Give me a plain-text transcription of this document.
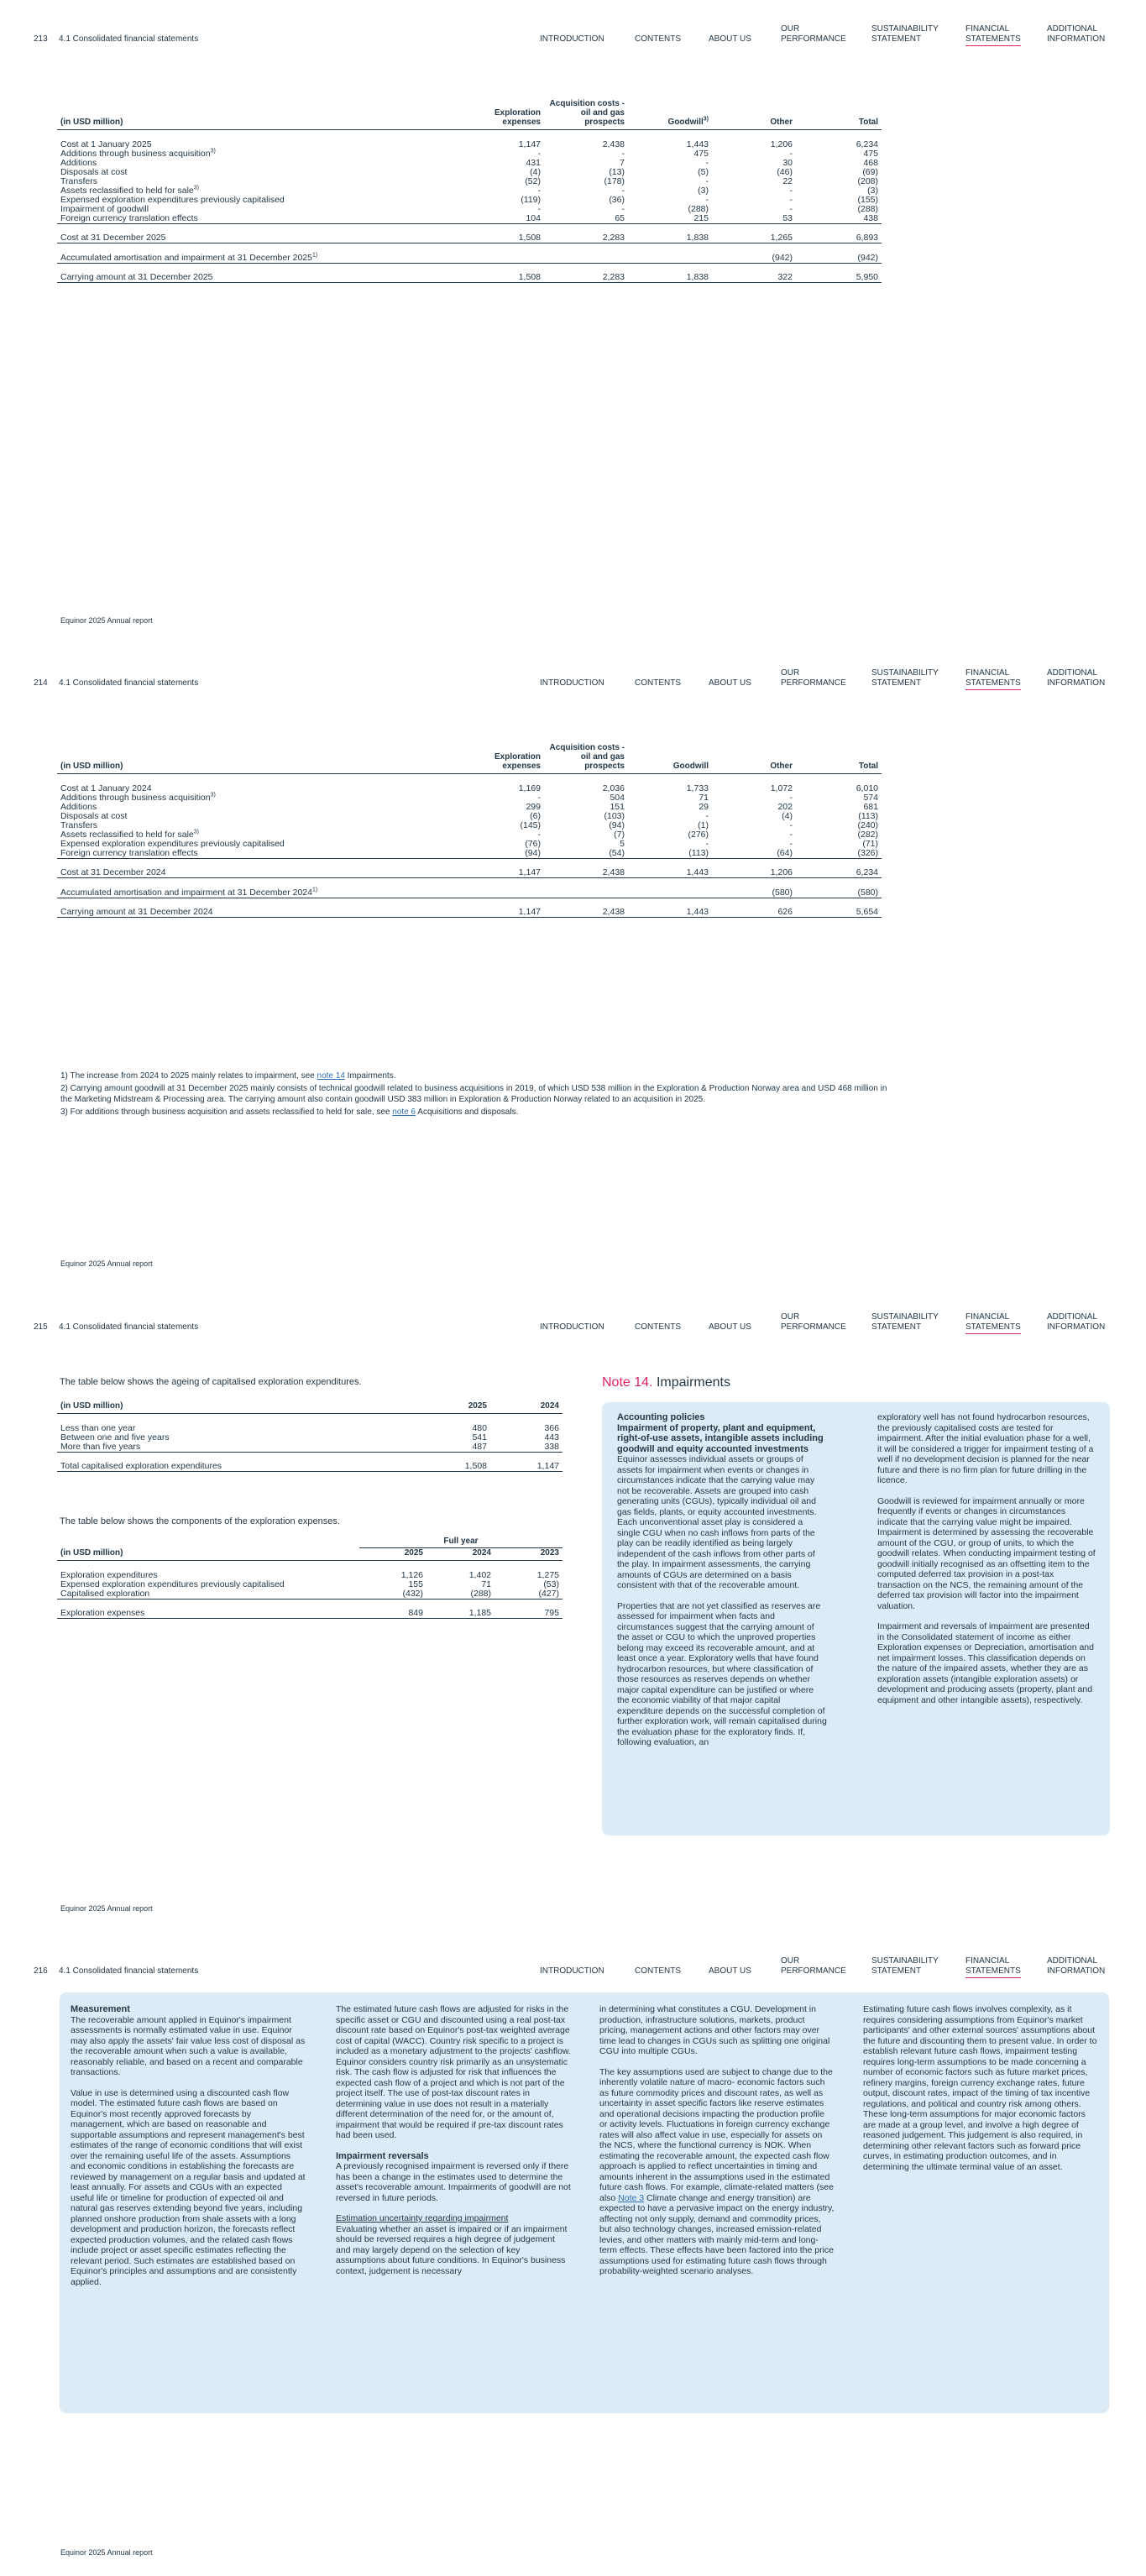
213 4.1 Consolidated financial statements	INTRODUCTION	CONTENTS	ABOUT US
OUR
PERFORMANCE
SUSTAINABILITY
STATEMENT
FINANCIAL
STATEMENTS
ADDITIONAL
INFORMATION
(in USD million)	Exploration expenses	Acquisition costs - oil and gas prospects	Goodwill$^{3)}$	Other	Total

Cost at 1 January 2025	1,147	2,438	1,443	1,206	6,234
Additions through business acquisition$^{3)}$	-	-	475	-	475
Additions	431	7	-	30	468
Disposals at cost	(4)	(13)	(5)	(46)	(69)
Transfers	(52)	(178)	-	22	(208)
Assets reclassified to held for sale$^{3)}$	-	-	(3)	-	(3)
Expensed exploration expenditures previously capitalised	(119)	(36)	-	-	(155)
Impairment of goodwill	-	-	(288)	-	(288)
Foreign currency translation effects	104	65	215	53	438

Cost at 31 December 2025	1,508	2,283	1,838	1,265	6,893

Accumulated amortisation and impairment at 31 December 2025$^{1)}$				(942)	(942)

Carrying amount at 31 December 2025	1,508	2,283	1,838	322	5,950
Equinor 2025 Annual report
214 4.1 Consolidated financial statements	INTRODUCTION	CONTENTS	ABOUT US
OUR
PERFORMANCE
SUSTAINABILITY
STATEMENT
FINANCIAL
STATEMENTS
ADDITIONAL
INFORMATION
(in USD million)	Exploration expenses	Acquisition costs - oil and gas prospects	Goodwill	Other	Total

Cost at 1 January 2024	1,169	2,036	1,733	1,072	6,010
Additions through business acquisition$^{3)}$	-	504	71	-	574
Additions	299	151	29	202	681
Disposals at cost	(6)	(103)	-	(4)	(113)
Transfers	(145)	(94)	(1)	-	(240)
Assets reclassified to held for sale$^{3)}$	-	(7)	(276)	-	(282)
Expensed exploration expenditures previously capitalised	(76)	5	-	-	(71)
Foreign currency translation effects	(94)	(54)	(113)	(64)	(326)

Cost at 31 December 2024	1,147	2,438	1,443	1,206	6,234

Accumulated amortisation and impairment at 31 December 2024$^{1)}$				(580)	(580)

Carrying amount at 31 December 2024	1,147	2,438	1,443	626	5,654

1) The increase from 2024 to 2025 mainly relates to impairment, see note 14 Impairments.

2) Carrying amount goodwill at 31 December 2025 mainly consists of technical goodwill related to business acquisitions in 2019, of which USD 538 million in the Exploration & Production Norway area and USD 468 million in the Marketing Midstream & Processing area. The carrying amount also contain goodwill USD 383 million in Exploration & Production Norway related to an acquisition in 2025.

3) For additions through business acquisition and assets reclassified to held for sale, see note 6 Acquisitions and disposals.

Equinor 2025 Annual report
215 4.1 Consolidated financial statements	INTRODUCTION	CONTENTS	ABOUT US
OUR
PERFORMANCE
SUSTAINABILITY
STATEMENT
FINANCIAL
STATEMENTS
ADDITIONAL
INFORMATION
The table below shows the ageing of capitalised exploration expenditures.
(in USD million)	2025	2024

Less than one year	480	366
Between one and five years	541	443
More than five years	487	338

Total capitalised exploration expenditures	1,508	1,147
The table below shows the components of the exploration expenses.
	Full year		
(in USD million)	2025	2024	2023

Exploration expenditures	1,126	1,402	1,275
Expensed exploration expenditures previously capitalised	155	71	(53)
Capitalised exploration	(432)	(288)	(427)

Exploration expenses	849	1,185	795
Note 14. Impairments
Accounting policies
Impairment of property, plant and equipment, right-of-use assets, intangible assets including goodwill and equity accounted investments

Equinor assesses individual assets or groups of assets for impairment when events or changes in circumstances indicate that the carrying value may not be recoverable. Assets are grouped into cash generating units (CGUs), typically individual oil and gas fields, plants, or equity accounted investments. Each unconventional asset play is considered a single CGU when no cash inflows from parts of the play can be readily identified as being largely independent of the cash inflows from other parts of the play. In impairment assessments, the carrying amounts of CGUs are determined on a basis consistent with that of the recoverable amount.

Properties that are not yet classified as reserves are assessed for impairment when facts and circumstances suggest that the carrying amount of the asset or CGU to which the unproved properties belong may exceed its recoverable amount, and at least once a year. Exploratory wells that have found hydrocarbon resources, but where classification of those resources as reserves depends on whether major capital expenditure can be justified or where the economic viability of that major capital expenditure depends on the successful completion of further exploration work, will remain capitalised during the evaluation phase for the exploratory finds. If, following evaluation, an

exploratory well has not found hydrocarbon resources, the previously capitalised costs are tested for impairment. After the initial evaluation phase for a well, it will be considered a trigger for impairment testing of a well if no development decision is planned for the near future and there is no firm plan for future drilling in the licence.

Goodwill is reviewed for impairment annually or more frequently if events or changes in circumstances indicate that the carrying value might be impaired. Impairment is determined by assessing the recoverable amount of the CGU, or group of units, to which the goodwill relates. When conducting impairment testing of goodwill initially recognised as an offsetting item to the computed deferred tax provision in a post-tax transaction on the NCS, the remaining amount of the deferred tax provision will factor into the impairment valuation.

Impairment and reversals of impairment are presented in the Consolidated statement of income as either Exploration expenses or Depreciation, amortisation and net impairment losses. This classification depends on the nature of the impaired assets, whether they are as exploration assets (intangible exploration assets) or development and producing assets (property, plant and equipment and other intangible assets), respectively.

Equinor 2025 Annual report
216 4.1 Consolidated financial statements	INTRODUCTION	CONTENTS	ABOUT US
OUR
PERFORMANCE
SUSTAINABILITY
STATEMENT
FINANCIAL
STATEMENTS
ADDITIONAL
INFORMATION
Measurement

The recoverable amount applied in Equinor's impairment assessments is normally estimated value in use. Equinor may also apply the assets' fair value less cost of disposal as the recoverable amount when such a value is available, reasonably reliable, and based on a recent and comparable transactions.

Value in use is determined using a discounted cash flow model. The estimated future cash flows are based on Equinor's most recently approved forecasts by management, which are based on reasonable and supportable assumptions and represent management's best estimates of the range of economic conditions that will exist over the remaining useful life of the assets. Assumptions and economic conditions in establishing the forecasts are reviewed by management on a regular basis and updated at least annually. For assets and CGUs with an expected useful life or timeline for production of expected oil and natural gas reserves extending beyond five years, including planned onshore production from shale assets with a long development and production horizon, the forecasts reflect expected production volumes, and the related cash flows include project or asset specific estimates reflecting the relevant period. Such estimates are established based on Equinor's principles and assumptions and are consistently applied.

The estimated future cash flows are adjusted for risks in the specific asset or CGU and discounted using a real post-tax discount rate based on Equinor's post-tax weighted average cost of capital (WACC). Country risk specific to a project is included as a monetary adjustment to the projects' cashflow. Equinor considers country risk primarily as an unsystematic risk. The cash flow is adjusted for risk that influences the expected cash flow of a project and which is not part of the project itself. The use of post-tax discount rates in determining value in use does not result in a materially different determination of the need for, or the amount of, impairment that would be required if pre-tax discount rates had been used.

Impairment reversals

A previously recognised impairment is reversed only if there has been a change in the estimates used to determine the asset's recoverable amount. Impairments of goodwill are not reversed in future periods.

Estimation uncertainty regarding impairment

Evaluating whether an asset is impaired or if an impairment should be reversed requires a high degree of judgement and may largely depend on the selection of key assumptions about future conditions. In Equinor's business context, judgement is necessary

in determining what constitutes a CGU. Development in production, infrastructure solutions, markets, product pricing, management actions and other factors may over time lead to changes in CGUs such as splitting one original CGU into multiple CGUs.

The key assumptions used are subject to change due to the inherently volatile nature of macro- economic factors such as future commodity prices and discount rates, as well as uncertainty in asset specific factors like reserve estimates and operational decisions impacting the production profile or activity levels. Fluctuations in foreign currency exchange rates will also affect value in use, especially for assets on the NCS, where the functional currency is NOK. When estimating the recoverable amount, the expected cash flow approach is applied to reflect uncertainties in timing and amounts inherent in the assumptions used in the estimated future cash flows. For example, climate-related matters (see also Note 3 Climate change and energy transition) are expected to have a pervasive impact on the energy industry, affecting not only supply, demand and commodity prices, but also technology changes, increased emission-related levies, and other matters with mainly mid-term and long-term effects. These effects have been factored into the price assumptions used for estimating future cash flows through probability-weighted scenario analyses.

Estimating future cash flows involves complexity, as it requires considering assumptions from Equinor's market participants' and other external sources' assumptions about the future and discounting them to present value. In order to establish relevant future cash flows, impairment testing requires long-term assumptions to be made concerning a number of economic factors such as future market prices, refinery margins, foreign currency exchange rates, future output, discount rates, impact of the timing of tax incentive regulations, and political and country risk among others. These long-term assumptions for major economic factors are made at a group level, and involve a high degree of reasoned judgement. This judgement is also required, in determining other relevant factors such as forward price curves, in estimating production outcomes, and in determining the ultimate terminal value of an asset.

Equinor 2025 Annual report
